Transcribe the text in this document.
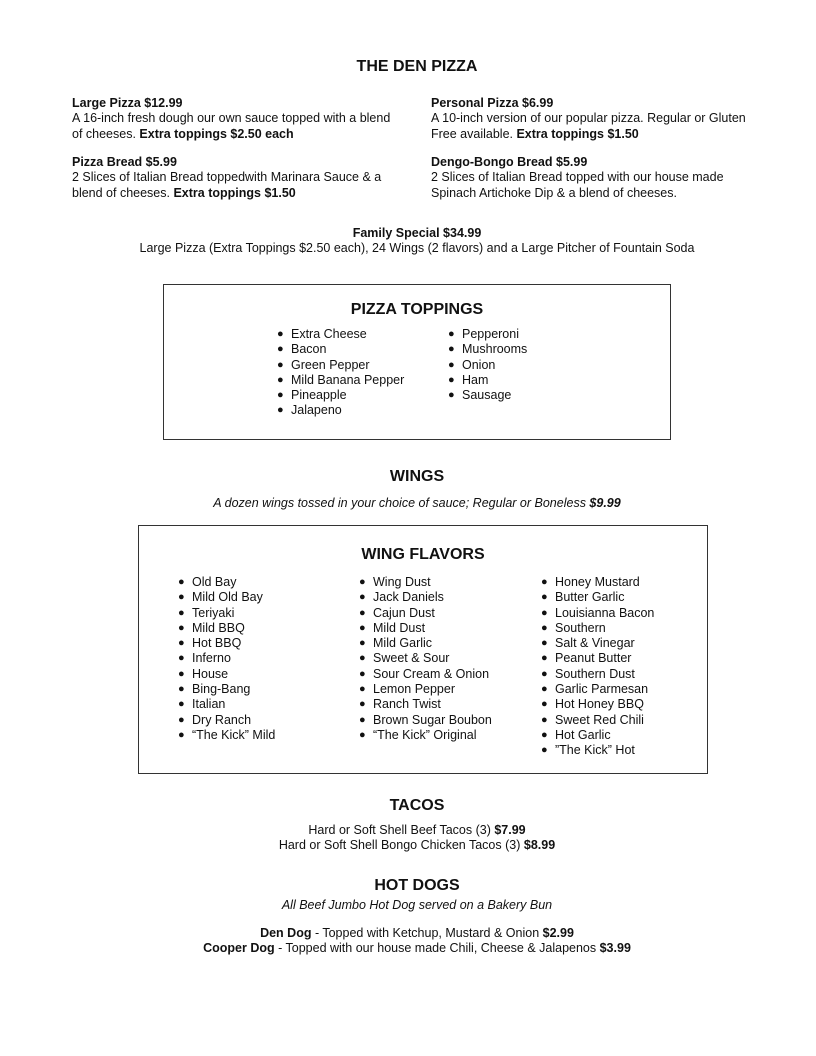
THE DEN PIZZA
Large Pizza $12.99
A 16-inch fresh dough our own sauce topped with a blend of cheeses. Extra toppings $2.50 each
Personal Pizza $6.99
A 10-inch version of our popular pizza. Regular or Gluten Free available. Extra toppings $1.50
Pizza Bread $5.99
2 Slices of Italian Bread toppedwith Marinara Sauce & a blend of cheeses. Extra toppings $1.50
Dengo-Bongo Bread $5.99
2 Slices of Italian Bread topped with our house made Spinach Artichoke Dip & a blend of cheeses.
Family Special $34.99
Large Pizza (Extra Toppings $2.50 each), 24 Wings (2 flavors) and a Large Pitcher of Fountain Soda
PIZZA TOPPINGS
● Extra Cheese
● Bacon
● Green Pepper
● Mild Banana Pepper
● Pineapple
● Jalapeno
● Pepperoni
● Mushrooms
● Onion
● Ham
● Sausage
WINGS
A dozen wings tossed in your choice of sauce; Regular or Boneless $9.99
WING FLAVORS
● Old Bay
● Mild Old Bay
● Teriyaki
● Mild BBQ
● Hot BBQ
● Inferno
● House
● Bing-Bang
● Italian
● Dry Ranch
● “The Kick” Mild
● Wing Dust
● Jack Daniels
● Cajun Dust
● Mild Dust
● Mild Garlic
● Sweet & Sour
● Sour Cream & Onion
● Lemon Pepper
● Ranch Twist
● Brown Sugar Boubon
● “The Kick” Original
● Honey Mustard
● Butter Garlic
● Louisianna Bacon
● Southern
● Salt & Vinegar
● Peanut Butter
● Southern Dust
● Garlic Parmesan
● Hot Honey BBQ
● Sweet Red Chili
● Hot Garlic
● ”The Kick” Hot
TACOS
Hard or Soft Shell Beef Tacos (3) $7.99
Hard or Soft Shell Bongo Chicken Tacos (3) $8.99
HOT DOGS
All Beef Jumbo Hot Dog served on a Bakery Bun
Den Dog - Topped with Ketchup, Mustard & Onion $2.99
Cooper Dog - Topped with our house made Chili, Cheese & Jalapenos $3.99
